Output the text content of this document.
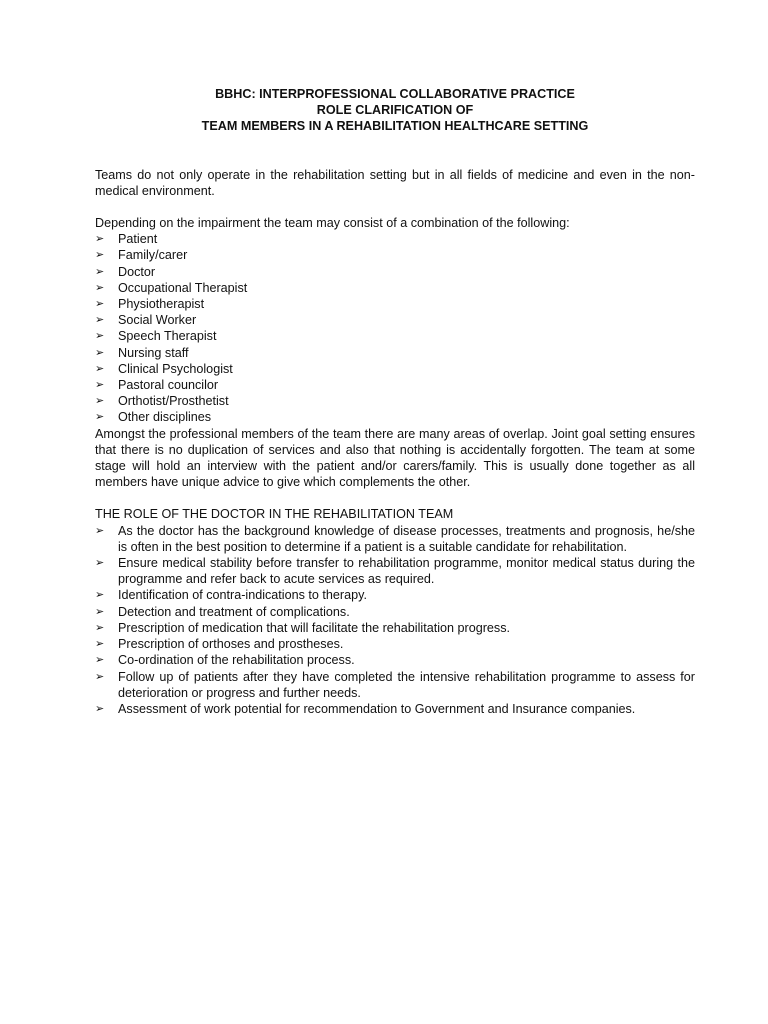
BBHC: INTERPROFESSIONAL COLLABORATIVE PRACTICE
ROLE CLARIFICATION OF
TEAM MEMBERS IN A REHABILITATION HEALTHCARE SETTING

Teams do not only operate in the rehabilitation setting but in all fields of medicine and even in the non-medical environment.

Depending on the impairment the team may consist of a combination of the following:

➢ Patient
➢ Family/carer
➢ Doctor
➢ Occupational Therapist
➢ Physiotherapist
➢ Social Worker
➢ Speech Therapist
➢ Nursing staff
➢ Clinical Psychologist
➢ Pastoral councilor
➢ Orthotist/Prosthetist
➢ Other disciplines

Amongst the professional members of the team there are many areas of overlap. Joint goal setting ensures that there is no duplication of services and also that nothing is accidentally forgotten. The team at some stage will hold an interview with the patient and/or carers/family. This is usually done together as all members have unique advice to give which complements the other.

THE ROLE OF THE DOCTOR IN THE REHABILITATION TEAM

➢ As the doctor has the background knowledge of disease processes, treatments and prognosis, he/she is often in the best position to determine if a patient is a suitable candidate for rehabilitation.
➢ Ensure medical stability before transfer to rehabilitation programme, monitor medical status during the programme and refer back to acute services as required.
➢ Identification of contra-indications to therapy.
➢ Detection and treatment of complications.
➢ Prescription of medication that will facilitate the rehabilitation progress.
➢ Prescription of orthoses and prostheses.
➢ Co-ordination of the rehabilitation process.
➢ Follow up of patients after they have completed the intensive rehabilitation programme to assess for deterioration or progress and further needs.
➢ Assessment of work potential for recommendation to Government and Insurance companies.
